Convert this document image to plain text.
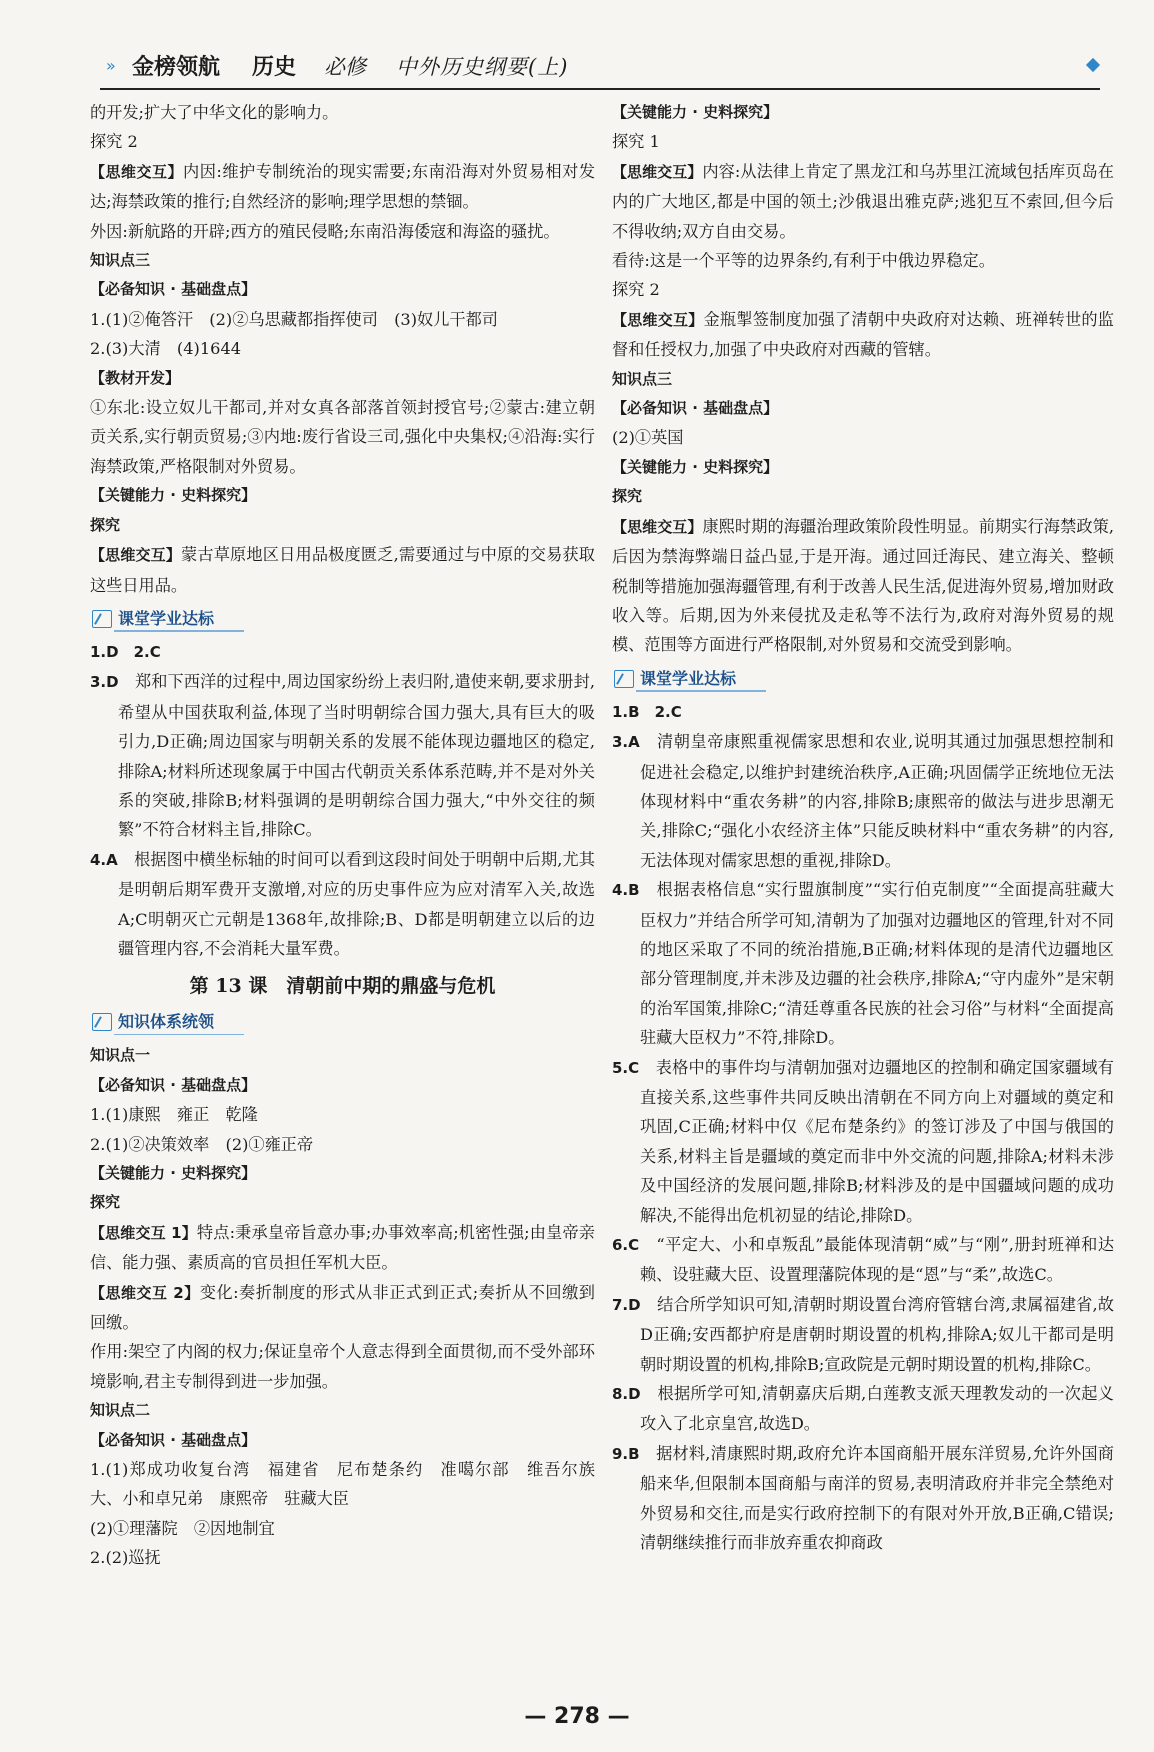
» 金榜领航 历史 必修 中外历史纲要(上)

的开发;扩大了中华文化的影响力。

探究 2

【思维交互】内因:维护专制统治的现实需要;东南沿海对外贸易相对发达;海禁政策的推行;自然经济的影响;理学思想的禁锢。

外因:新航路的开辟;西方的殖民侵略;东南沿海倭寇和海盗的骚扰。

知识点三

【必备知识 · 基础盘点】

1.(1)②俺答汗　(2)②乌思藏都指挥使司　(3)奴儿干都司

2.(3)大清　(4)1644

【教材开发】

①东北:设立奴儿干都司,并对女真各部落首领封授官号;②蒙古:建立朝贡关系,实行朝贡贸易;③内地:废行省设三司,强化中央集权;④沿海:实行海禁政策,严格限制对外贸易。

【关键能力 · 史料探究】

探究

【思维交互】蒙古草原地区日用品极度匮乏,需要通过与中原的交易获取这些日用品。

课堂学业达标

1.D　2.C

3.D　郑和下西洋的过程中,周边国家纷纷上表归附,遣使来朝,要求册封,希望从中国获取利益,体现了当时明朝综合国力强大,具有巨大的吸引力,D正确;周边国家与明朝关系的发展不能体现边疆地区的稳定,排除A;材料所述现象属于中国古代朝贡关系体系范畴,并不是对外关系的突破,排除B;材料强调的是明朝综合国力强大,“中外交往的频繁”不符合材料主旨,排除C。

4.A　根据图中横坐标轴的时间可以看到这段时间处于明朝中后期,尤其是明朝后期军费开支激增,对应的历史事件应为应对清军入关,故选A;C明朝灭亡元朝是1368年,故排除;B、D都是明朝建立以后的边疆管理内容,不会消耗大量军费。

第 13 课　清朝前中期的鼎盛与危机
知识体系统领

知识点一

【必备知识 · 基础盘点】

1.(1)康熙　雍正　乾隆

2.(1)②决策效率　(2)①雍正帝

【关键能力 · 史料探究】

探究

【思维交互 1】特点:秉承皇帝旨意办事;办事效率高;机密性强;由皇帝亲信、能力强、素质高的官员担任军机大臣。

【思维交互 2】变化:奏折制度的形式从非正式到正式;奏折从不回缴到回缴。

作用:架空了内阁的权力;保证皇帝个人意志得到全面贯彻,而不受外部环境影响,君主专制得到进一步加强。

知识点二

【必备知识 · 基础盘点】

1.(1)郑成功收复台湾　福建省　尼布楚条约　准噶尔部　维吾尔族大、小和卓兄弟　康熙帝　驻藏大臣

(2)①理藩院　②因地制宜

2.(2)巡抚

【关键能力 · 史料探究】

探究 1

【思维交互】内容:从法律上肯定了黑龙江和乌苏里江流域包括库页岛在内的广大地区,都是中国的领土;沙俄退出雅克萨;逃犯互不索回,但今后不得收纳;双方自由交易。

看待:这是一个平等的边界条约,有利于中俄边界稳定。

探究 2

【思维交互】金瓶掣签制度加强了清朝中央政府对达赖、班禅转世的监督和任授权力,加强了中央政府对西藏的管辖。

知识点三

【必备知识 · 基础盘点】

(2)①英国

【关键能力 · 史料探究】

探究

【思维交互】康熙时期的海疆治理政策阶段性明显。前期实行海禁政策,后因为禁海弊端日益凸显,于是开海。通过回迁海民、建立海关、整顿税制等措施加强海疆管理,有利于改善人民生活,促进海外贸易,增加财政收入等。后期,因为外来侵扰及走私等不法行为,政府对海外贸易的规模、范围等方面进行严格限制,对外贸易和交流受到影响。

课堂学业达标

1.B　2.C

3.A　清朝皇帝康熙重视儒家思想和农业,说明其通过加强思想控制和促进社会稳定,以维护封建统治秩序,A正确;巩固儒学正统地位无法体现材料中“重农务耕”的内容,排除B;康熙帝的做法与进步思潮无关,排除C;“强化小农经济主体”只能反映材料中“重农务耕”的内容,无法体现对儒家思想的重视,排除D。

4.B　根据表格信息“实行盟旗制度”“实行伯克制度”“全面提高驻藏大臣权力”并结合所学可知,清朝为了加强对边疆地区的管理,针对不同的地区采取了不同的统治措施,B正确;材料体现的是清代边疆地区部分管理制度,并未涉及边疆的社会秩序,排除A;“守内虚外”是宋朝的治军国策,排除C;“清廷尊重各民族的社会习俗”与材料“全面提高驻藏大臣权力”不符,排除D。

5.C　表格中的事件均与清朝加强对边疆地区的控制和确定国家疆域有直接关系,这些事件共同反映出清朝在不同方向上对疆域的奠定和巩固,C正确;材料中仅《尼布楚条约》的签订涉及了中国与俄国的关系,材料主旨是疆域的奠定而非中外交流的问题,排除A;材料未涉及中国经济的发展问题,排除B;材料涉及的是中国疆域问题的成功解决,不能得出危机初显的结论,排除D。

6.C　“平定大、小和卓叛乱”最能体现清朝“威”与“刚”,册封班禅和达赖、设驻藏大臣、设置理藩院体现的是“恩”与“柔”,故选C。

7.D　结合所学知识可知,清朝时期设置台湾府管辖台湾,隶属福建省,故D正确;安西都护府是唐朝时期设置的机构,排除A;奴儿干都司是明朝时期设置的机构,排除B;宣政院是元朝时期设置的机构,排除C。

8.D　根据所学可知,清朝嘉庆后期,白莲教支派天理教发动的一次起义攻入了北京皇宫,故选D。

9.B　据材料,清康熙时期,政府允许本国商船开展东洋贸易,允许外国商船来华,但限制本国商船与南洋的贸易,表明清政府并非完全禁绝对外贸易和交往,而是实行政府控制下的有限对外开放,B正确,C错误;清朝继续推行而非放弃重农抑商政

— 278 —
